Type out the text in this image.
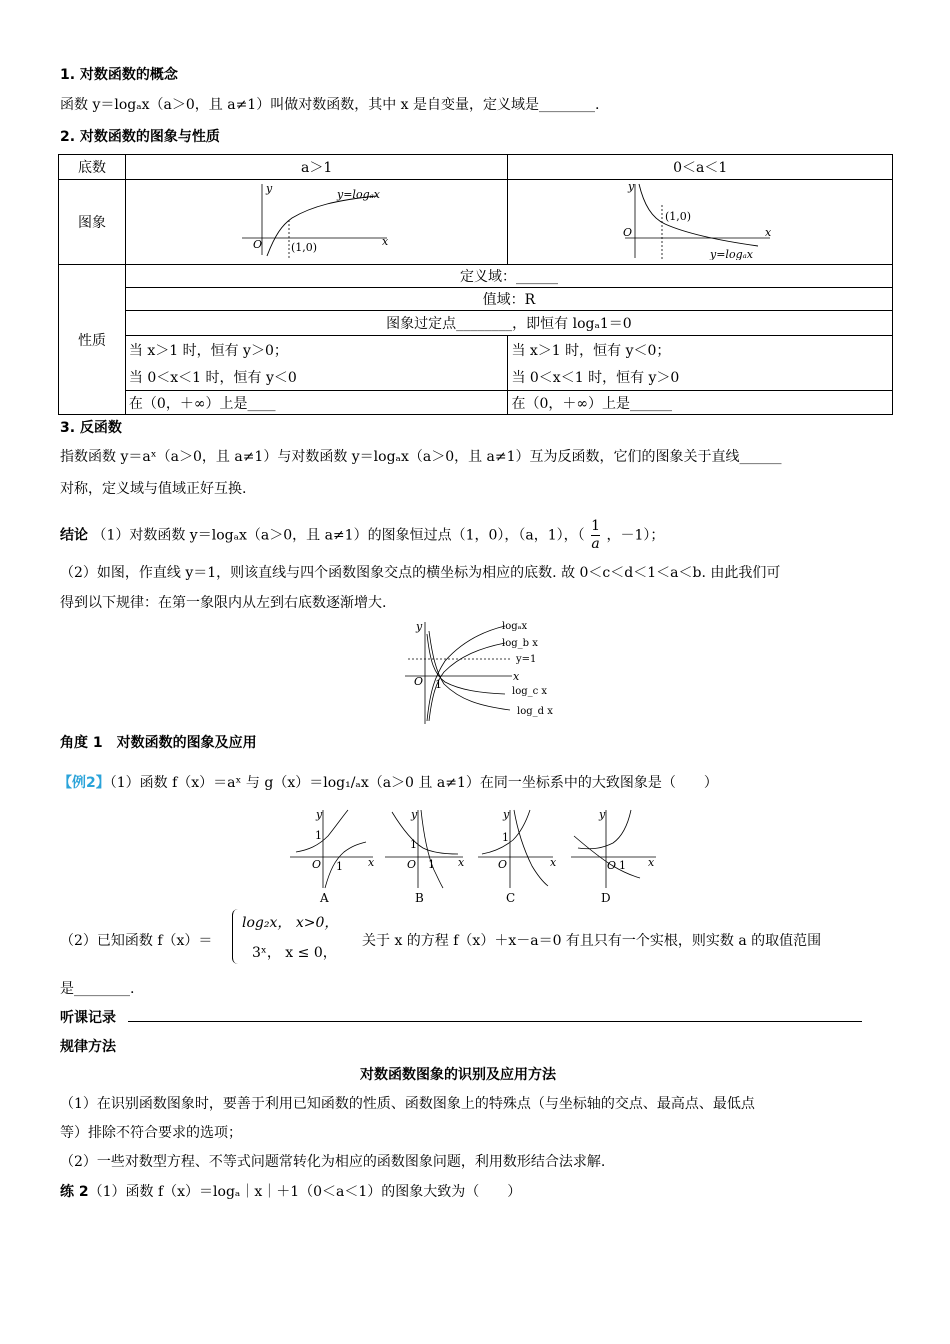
1. 对数函数的概念
函数 y＝logₐx（a＞0，且 a≠1）叫做对数函数，其中 x 是自变量，定义域是________.
2. 对数函数的图象与性质
底数	a＞1	0＜a＜1
图象	y
x
O (1,0)
y=logₐx	y
x
O
(1,0)
y=logₐx

性质	定义域：______	
	值域：R	
	图象过定点________，即恒有 logₐ1＝0	
	当 x＞1 时，恒有 y＞0；	当 x＞1 时，恒有 y＜0；
	当 0＜x＜1 时，恒有 y＜0	当 0＜x＜1 时，恒有 y＞0
	在（0，＋∞）上是____	在（0，＋∞）上是______
3. 反函数
指数函数 y＝aˣ（a＞0，且 a≠1）与对数函数 y＝logₐx（a＞0，且 a≠1）互为反函数，它们的图象关于直线______
对称，定义域与值域正好互换.
结论 （1）对数函数 y＝logₐx（a＞0，且 a≠1）的图象恒过点（1，0），（a，1），（ $\frac{1}{a}$ ，－1）；
（2）如图，作直线 y＝1，则该直线与四个函数图象交点的横坐标为相应的底数. 故 0＜c＜d＜1＜a＜b. 由此我们可
得到以下规律：在第一象限内从左到右底数逐渐增大.
y
x
O 1
logₐx
log_b x
y=1
log_c x
log_d x
角度 1　对数函数的图象及应用
【例2】（1）函数 f（x）＝aˣ 与 g（x）＝log₁/ₐx（a＞0 且 a≠1）在同一坐标系中的大致图象是（　　）
y
x
O
1
1
A
y
x
O
1
1
B
y
x
O
1
C
y
x
O 1
D
（2）已知函数 f（x）＝
log₂x， x>0，
3ˣ， x ≤ 0，
关于 x 的方程 f（x）＋x－a＝0 有且只有一个实根，则实数 a 的取值范围
是________.
听课记录
规律方法
对数函数图象的识别及应用方法
（1）在识别函数图象时，要善于利用已知函数的性质、函数图象上的特殊点（与坐标轴的交点、最高点、最低点
等）排除不符合要求的选项；
（2）一些对数型方程、不等式问题常转化为相应的函数图象问题，利用数形结合法求解.
练 2（1）函数 f（x）＝logₐ｜x｜＋1（0＜a＜1）的图象大致为（　　）
